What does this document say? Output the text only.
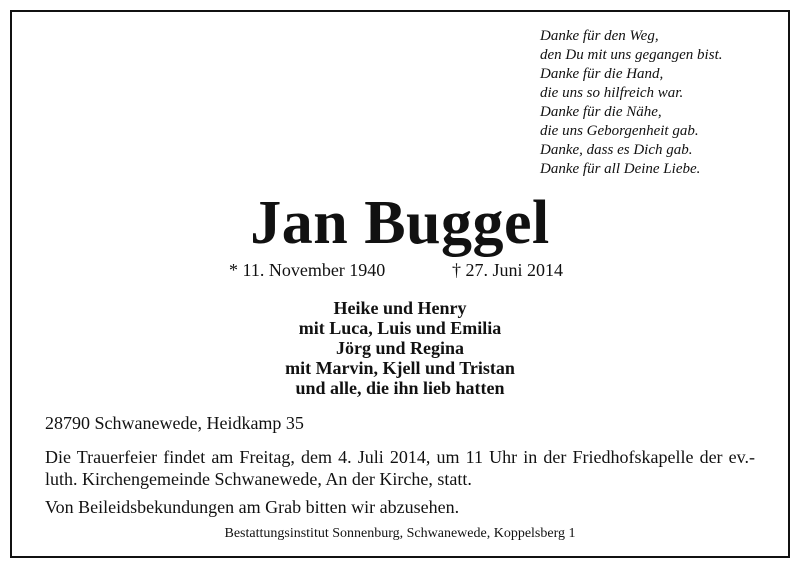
Danke für den Weg,
den Du mit uns gegangen bist.
Danke für die Hand,
die uns so hilfreich war.
Danke für die Nähe,
die uns Geborgenheit gab.
Danke, dass es Dich gab.
Danke für all Deine Liebe.
Jan Buggel
* 11. November 1940	† 27. Juni 2014
Heike und Henry
mit Luca, Luis und Emilia
Jörg und Regina
mit Marvin, Kjell und Tristan
und alle, die ihn lieb hatten
28790 Schwanewede, Heidkamp 35
Die Trauerfeier findet am Freitag, dem 4. Juli 2014, um 11 Uhr in der Friedhofskapelle der ev.-luth. Kirchengemeinde Schwanewede, An der Kirche, statt.
Von Beileidsbekundungen am Grab bitten wir abzusehen.
Bestattungsinstitut Sonnenburg, Schwanewede, Koppelsberg 1
